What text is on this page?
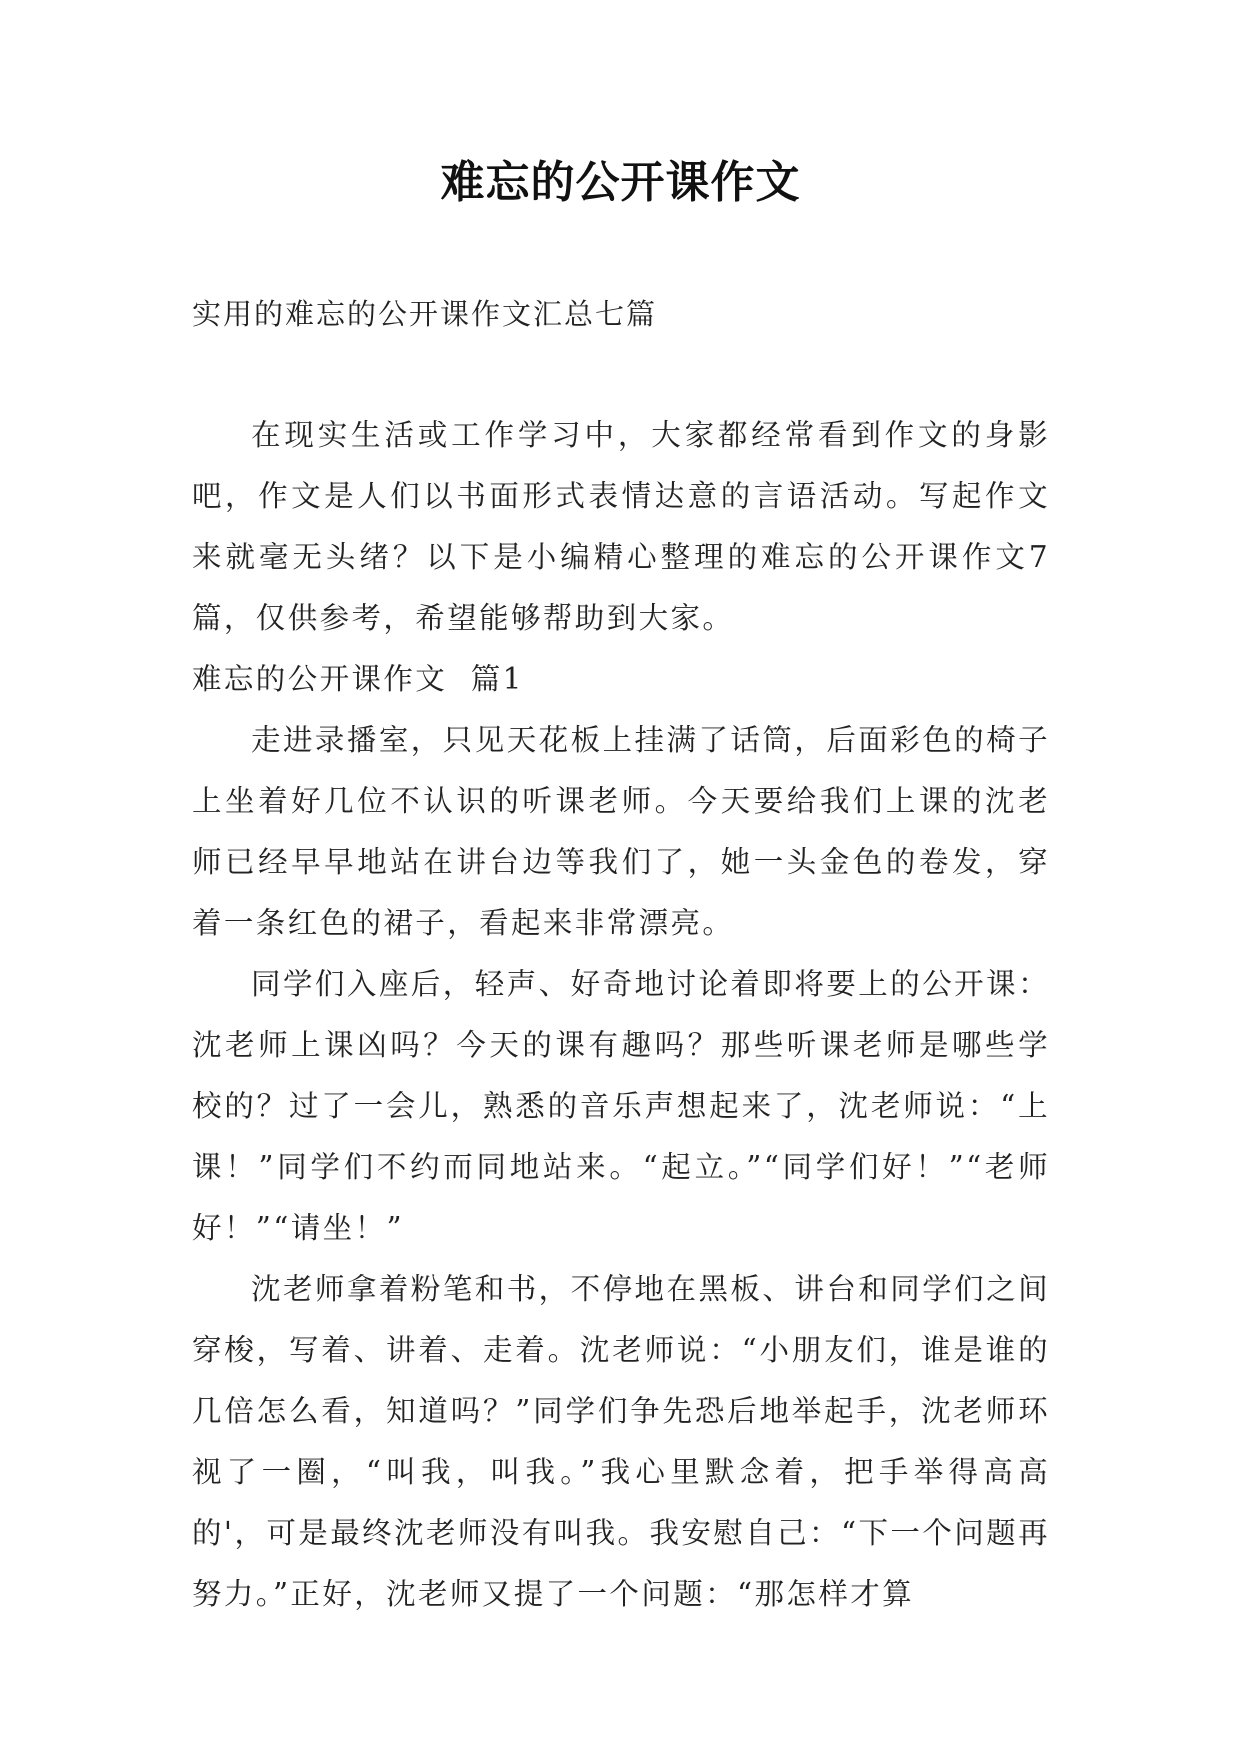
难忘的公开课作文
实用的难忘的公开课作文汇总七篇

在现实生活或工作学习中，大家都经常看到作文的身影吧，作文是人们以书面形式表情达意的言语活动。写起作文来就毫无头绪？以下是小编精心整理的难忘的公开课作文7篇，仅供参考，希望能够帮助到大家。

难忘的公开课作文  篇1

走进录播室，只见天花板上挂满了话筒，后面彩色的椅子上坐着好几位不认识的听课老师。今天要给我们上课的沈老师已经早早地站在讲台边等我们了，她一头金色的卷发，穿着一条红色的裙子，看起来非常漂亮。

同学们入座后，轻声、好奇地讨论着即将要上的公开课：沈老师上课凶吗？今天的课有趣吗？那些听课老师是哪些学校的？过了一会儿，熟悉的音乐声想起来了，沈老师说：“上课！”同学们不约而同地站来。“起立。”“同学们好！”“老师好！”“请坐！”

沈老师拿着粉笔和书，不停地在黑板、讲台和同学们之间穿梭，写着、讲着、走着。沈老师说：“小朋友们，谁是谁的几倍怎么看，知道吗？”同学们争先恐后地举起手，沈老师环视了一圈，“叫我，叫我。”我心里默念着，把手举得高高的'，可是最终沈老师没有叫我。我安慰自己：“下一个问题再努力。”正好，沈老师又提了一个问题：“那怎样才算
